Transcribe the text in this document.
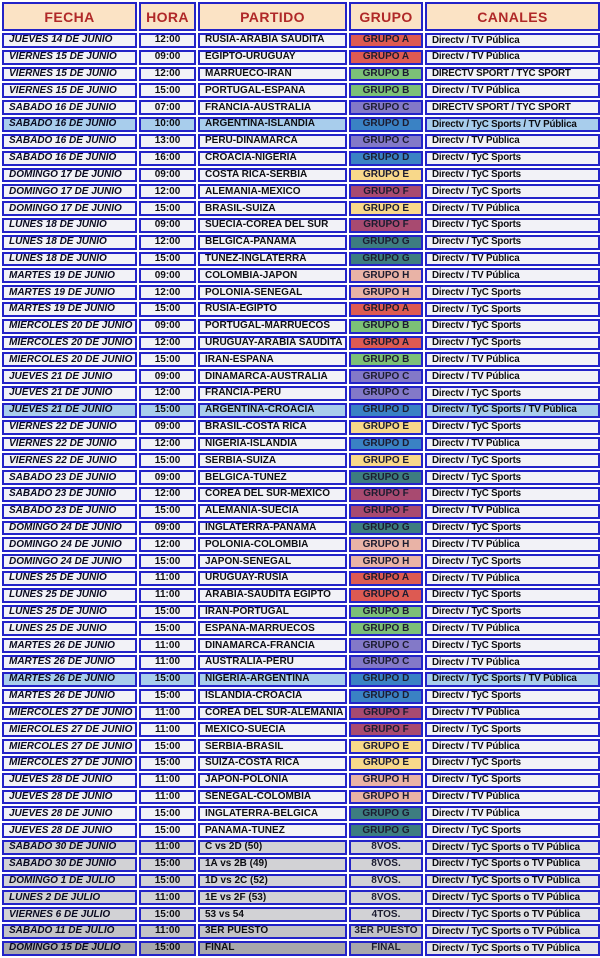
FECHA	HORA	PARTIDO	GRUPO	CANALES
JUEVES 14 DE JUNIO	12:00	RUSIA-ARABIA SAUDITA	GRUPO A	Directv / TV Pública
VIERNES 15 DE JUNIO	09:00	EGIPTO-URUGUAY	GRUPO A	Directv / TV Pública
VIERNES 15 DE JUNIO	12:00	MARRUECO-IRAN	GRUPO B	DIRECTV SPORT / TYC SPORT
VIERNES 15 DE JUNIO	15:00	PORTUGAL-ESPAÑA	GRUPO B	Directv / TV Pública
SABADO 16 DE JUNIO	07:00	FRANCIA-AUSTRALIA	GRUPO C	DIRECTV SPORT / TYC SPORT
SABADO 16 DE JUNIO	10:00	ARGENTINA-ISLANDIA	GRUPO D	Directv / TyC Sports / TV Pública
SABADO 16 DE JUNIO	13:00	PERU-DINAMARCA	GRUPO C	Directv / TV Pública
SABADO 16 DE JUNIO	16:00	CROACIA-NIGERIA	GRUPO D	Directv / TyC Sports
DOMINGO 17 DE JUNIO	09:00	COSTA RICA-SERBIA	GRUPO E	Directv / TyC Sports
DOMINGO 17 DE JUNIO	12:00	ALEMANIA-MEXICO	GRUPO F	Directv / TyC Sports
DOMINGO 17 DE JUNIO	15:00	BRASIL-SUIZA	GRUPO E	Directv / TV Pública
LUNES 18 DE JUNIO	09:00	SUECIA-COREA DEL SUR	GRUPO F	Directv / TyC Sports
LUNES 18 DE JUNIO	12:00	BELGICA-PANAMA	GRUPO G	Directv / TyC Sports
LUNES 18 DE JUNIO	15:00	TUNEZ-INGLATERRA	GRUPO G	Directv / TV Pública
MARTES 19 DE JUNIO	09:00	COLOMBIA-JAPON	GRUPO H	Directv / TV Pública
MARTES 19 DE JUNIO	12:00	POLONIA-SENEGAL	GRUPO H	Directv / TyC Sports
MARTES 19 DE JUNIO	15:00	RUSIA-EGIPTO	GRUPO A	Directv / TyC Sports
MIERCOLES 20 DE JUNIO	09:00	PORTUGAL-MARRUECOS	GRUPO B	Directv / TyC Sports
MIERCOLES 20 DE JUNIO	12:00	URUGUAY-ARABIA SAUDITA	GRUPO A	Directv / TyC Sports
MIERCOLES 20 DE JUNIO	15:00	IRAN-ESPAÑA	GRUPO B	Directv / TV Pública
JUEVES 21 DE JUNIO	09:00	DINAMARCA-AUSTRALIA	GRUPO C	Directv / TV Pública
JUEVES 21 DE JUNIO	12:00	FRANCIA-PERU	GRUPO C	Directv / TyC Sports
JUEVES 21 DE JUNIO	15:00	ARGENTINA-CROACIA	GRUPO D	Directv / TyC Sports / TV Pública
VIERNES 22 DE JUNIO	09:00	BRASIL-COSTA RICA	GRUPO E	Directv / TyC Sports
VIERNES 22 DE JUNIO	12:00	NIGERIA-ISLANDIA	GRUPO D	Directv / TV Pública
VIERNES 22 DE JUNIO	15:00	SERBIA-SUIZA	GRUPO E	Directv / TyC Sports
SABADO 23 DE JUNIO	09:00	BELGICA-TUNEZ	GRUPO G	Directv / TyC Sports
SABADO 23 DE JUNIO	12:00	COREA DEL SUR-MEXICO	GRUPO F	Directv / TyC Sports
SABADO 23 DE JUNIO	15:00	ALEMANIA-SUECIA	GRUPO F	Directv / TV Pública
DOMINGO 24 DE JUNIO	09:00	INGLATERRA-PANAMA	GRUPO G	Directv / TyC Sports
DOMINGO 24 DE JUNIO	12:00	POLONIA-COLOMBIA	GRUPO H	Directv / TV Pública
DOMINGO 24 DE JUNIO	15:00	JAPON-SENEGAL	GRUPO H	Directv / TyC Sports
LUNES 25 DE JUNIO	11:00	URUGUAY-RUSIA	GRUPO A	Directv / TV Pública
LUNES 25 DE JUNIO	11:00	ARABIA-SAUDITA EGIPTO	GRUPO A	Directv / TyC Sports
LUNES 25 DE JUNIO	15:00	IRAN-PORTUGAL	GRUPO B	Directv / TyC Sports
LUNES 25 DE JUNIO	15:00	ESPAÑA-MARRUECOS	GRUPO B	Directv / TV Pública
MARTES 26 DE JUNIO	11:00	DINAMARCA-FRANCIA	GRUPO C	Directv / TyC Sports
MARTES 26 DE JUNIO	11:00	AUSTRALIA-PERU	GRUPO C	Directv / TV Pública
MARTES 26 DE JUNIO	15:00	NIGERIA-ARGENTINA	GRUPO D	Directv / TyC Sports / TV Pública
MARTES 26 DE JUNIO	15:00	ISLANDIA-CROACIA	GRUPO D	Directv / TyC Sports
MIERCOLES 27 DE JUNIO	11:00	COREA DEL SUR-ALEMANIA	GRUPO F	Directv / TV Pública
MIERCOLES 27 DE JUNIO	11:00	MEXICO-SUECIA	GRUPO F	Directv / TyC Sports
MIERCOLES 27 DE JUNIO	15:00	SERBIA-BRASIL	GRUPO E	Directv / TV Pública
MIERCOLES 27 DE JUNIO	15:00	SUIZA-COSTA RICA	GRUPO E	Directv / TyC Sports
JUEVES 28 DE JUNIO	11:00	JAPON-POLONIA	GRUPO H	Directv / TyC Sports
JUEVES 28 DE JUNIO	11:00	SENEGAL-COLOMBIA	GRUPO H	Directv / TV Pública
JUEVES 28 DE JUNIO	15:00	INGLATERRA-BELGICA	GRUPO G	Directv / TV Pública
JUEVES 28 DE JUNIO	15:00	PANAMA-TUNEZ	GRUPO G	Directv / TyC Sports
SABADO 30 DE JUNIO	11:00	C vs 2D (50)	8VOS.	Directv / TyC Sports o TV Pública
SABADO 30 DE JUNIO	15:00	1A vs 2B (49)	8VOS.	Directv / TyC Sports o TV Pública
DOMINGO 1 DE JULIO	15:00	1D vs 2C (52)	8VOS.	Directv / TyC Sports o TV Pública
LUNES 2 DE JULIO	11:00	1E vs 2F (53)	8VOS.	Directv / TyC Sports o TV Pública
VIERNES 6 DE JULIO	15:00	53 vs 54	4TOS.	Directv / TyC Sports o TV Pública
SABADO 11 DE JULIO	11:00	3ER PUESTO	3ER PUESTO	Directv / TyC Sports o TV Pública
DOMINGO 15 DE JULIO	15:00	FINAL	FINAL	Directv / TyC Sports o TV Pública
